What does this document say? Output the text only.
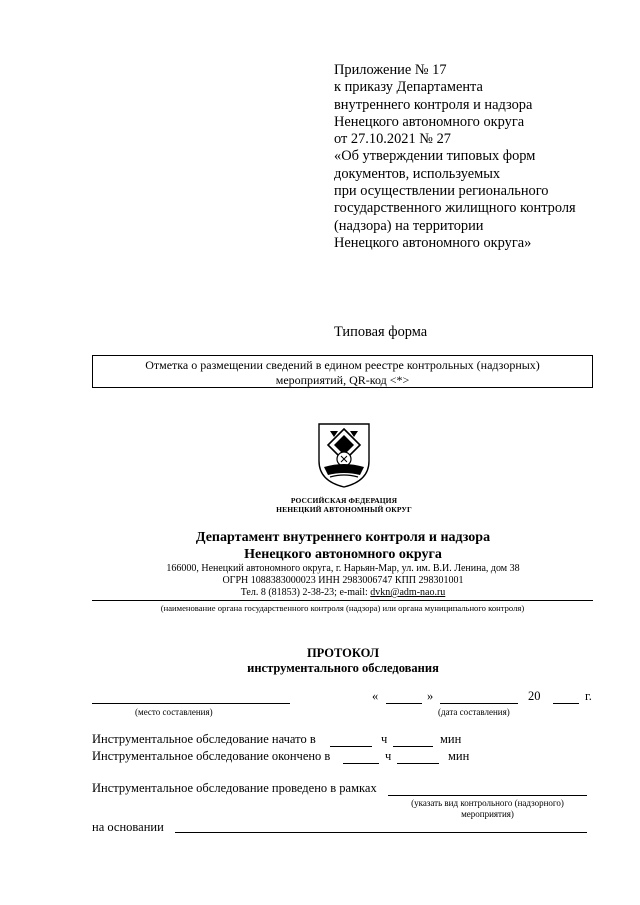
Приложение № 17
к приказу Департамента
внутреннего контроля и надзора
Ненецкого автономного округа
от 27.10.2021 № 27
«Об утверждении типовых форм
документов, используемых
при осуществлении регионального
государственного жилищного контроля
(надзора) на территории
Ненецкого автономного округа»
Типовая форма
Отметка о размещении сведений в едином реестре контрольных (надзорных)
мероприятий, QR-код <*>
РОССИЙСКАЯ ФЕДЕРАЦИЯ
НЕНЕЦКИЙ АВТОНОМНЫЙ ОКРУГ
Департамент внутреннего контроля и надзора
Ненецкого автономного округа
166000, Ненецкий автономного округа, г. Нарьян-Мар, ул. им. В.И. Ленина, дом 38
ОГРН 1088383000023 ИНН 2983006747 КПП 298301001
Тел. 8 (81853) 2-38-23; e-mail: dvkn@adm-nao.ru
(наименование органа государственного контроля (надзора) или органа муниципального контроля)
ПРОТОКОЛ
инструментального обследования
(место составления)
«	»	20	г.
(дата составления)
Инструментальное обследование начато в	ч	мин
Инструментальное обследование окончено в	ч	мин
Инструментальное обследование проведено в рамках
(указать вид контрольного (надзорного)
мероприятия)
на основании
